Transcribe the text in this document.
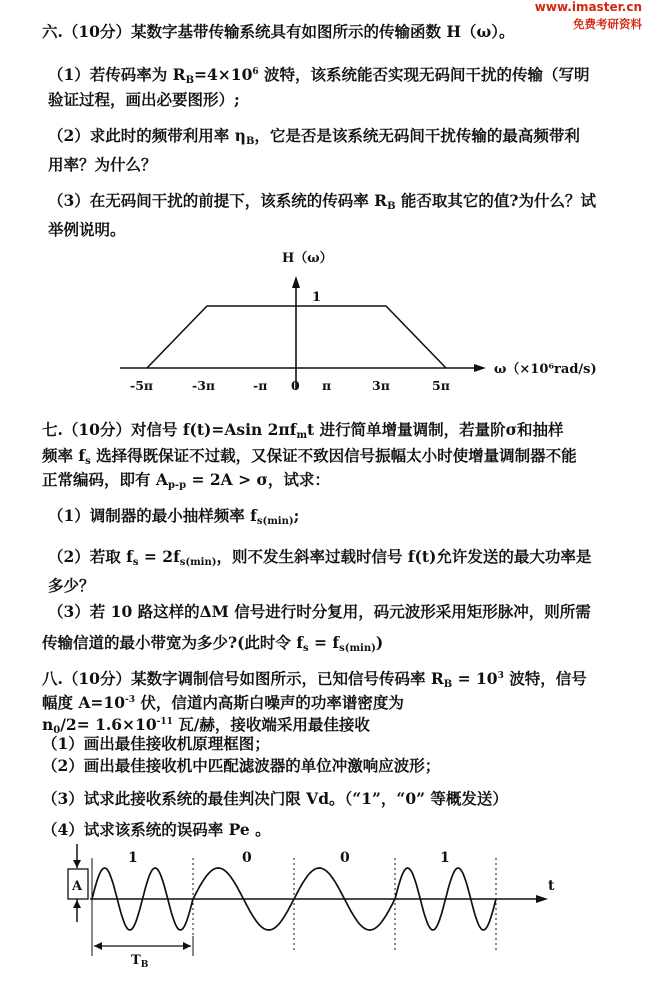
www.imaster.cn
免费考研资料
六.（10分）某数字基带传输系统具有如图所示的传输函数 H（ω）。
（1）若传码率为 $R_B=4\times 10^6$ 波特，该系统能否实现无码间干扰的传输（写明
验证过程，画出必要图形）;
（2）求此时的频带利用率 $\eta_B$，它是否是该系统无码间干扰传输的最高频带利
用率？为什么？
（3）在无码间干扰的前提下，该系统的传码率 $R_B$ 能否取其它的值?为什么？试
举例说明。
H（ω）
1
ω（×10⁶rad/s)
-5π	-3π	-π 0 π	3π	5π
七.（10分）对信号 f(t)=Asin $2\pi f_mt$ 进行简单增量调制，若量阶σ和抽样
频率 $f_s$ 选择得既保证不过载，又保证不致因信号振幅太小时使增量调制器不能
正常编码，即有 $A_{p-p} = 2A > \sigma$，试求：
（1）调制器的最小抽样频率 $f_{s(min)}$;
（2）若取 $f_s = 2f_{s(min)}$，则不发生斜率过载时信号 f(t)允许发送的最大功率是
多少？
（3）若 10 路这样的ΔM 信号进行时分复用，码元波形采用矩形脉冲，则所需
传输信道的最小带宽为多少?(此时令 $f_s = f_{s(min)}$)
八.（10分）某数字调制信号如图所示，已知信号传码率 $R_B = 10^3$ 波特，信号
幅度 $A=10^{-3}$ 伏，信道内高斯白噪声的功率谱密度为
$n_0/2= 1.6\times 10^{-11}$ 瓦/赫，接收端采用最佳接收
（1）画出最佳接收机原理框图；
（2）画出最佳接收机中匹配滤波器的单位冲激响应波形；
（3）试求此接收系统的最佳判决门限 Vd。（“1”，“0” 等概发送）
（4）试求该系统的误码率 Pe 。
A	t
1	0	0	1
$T_B$
